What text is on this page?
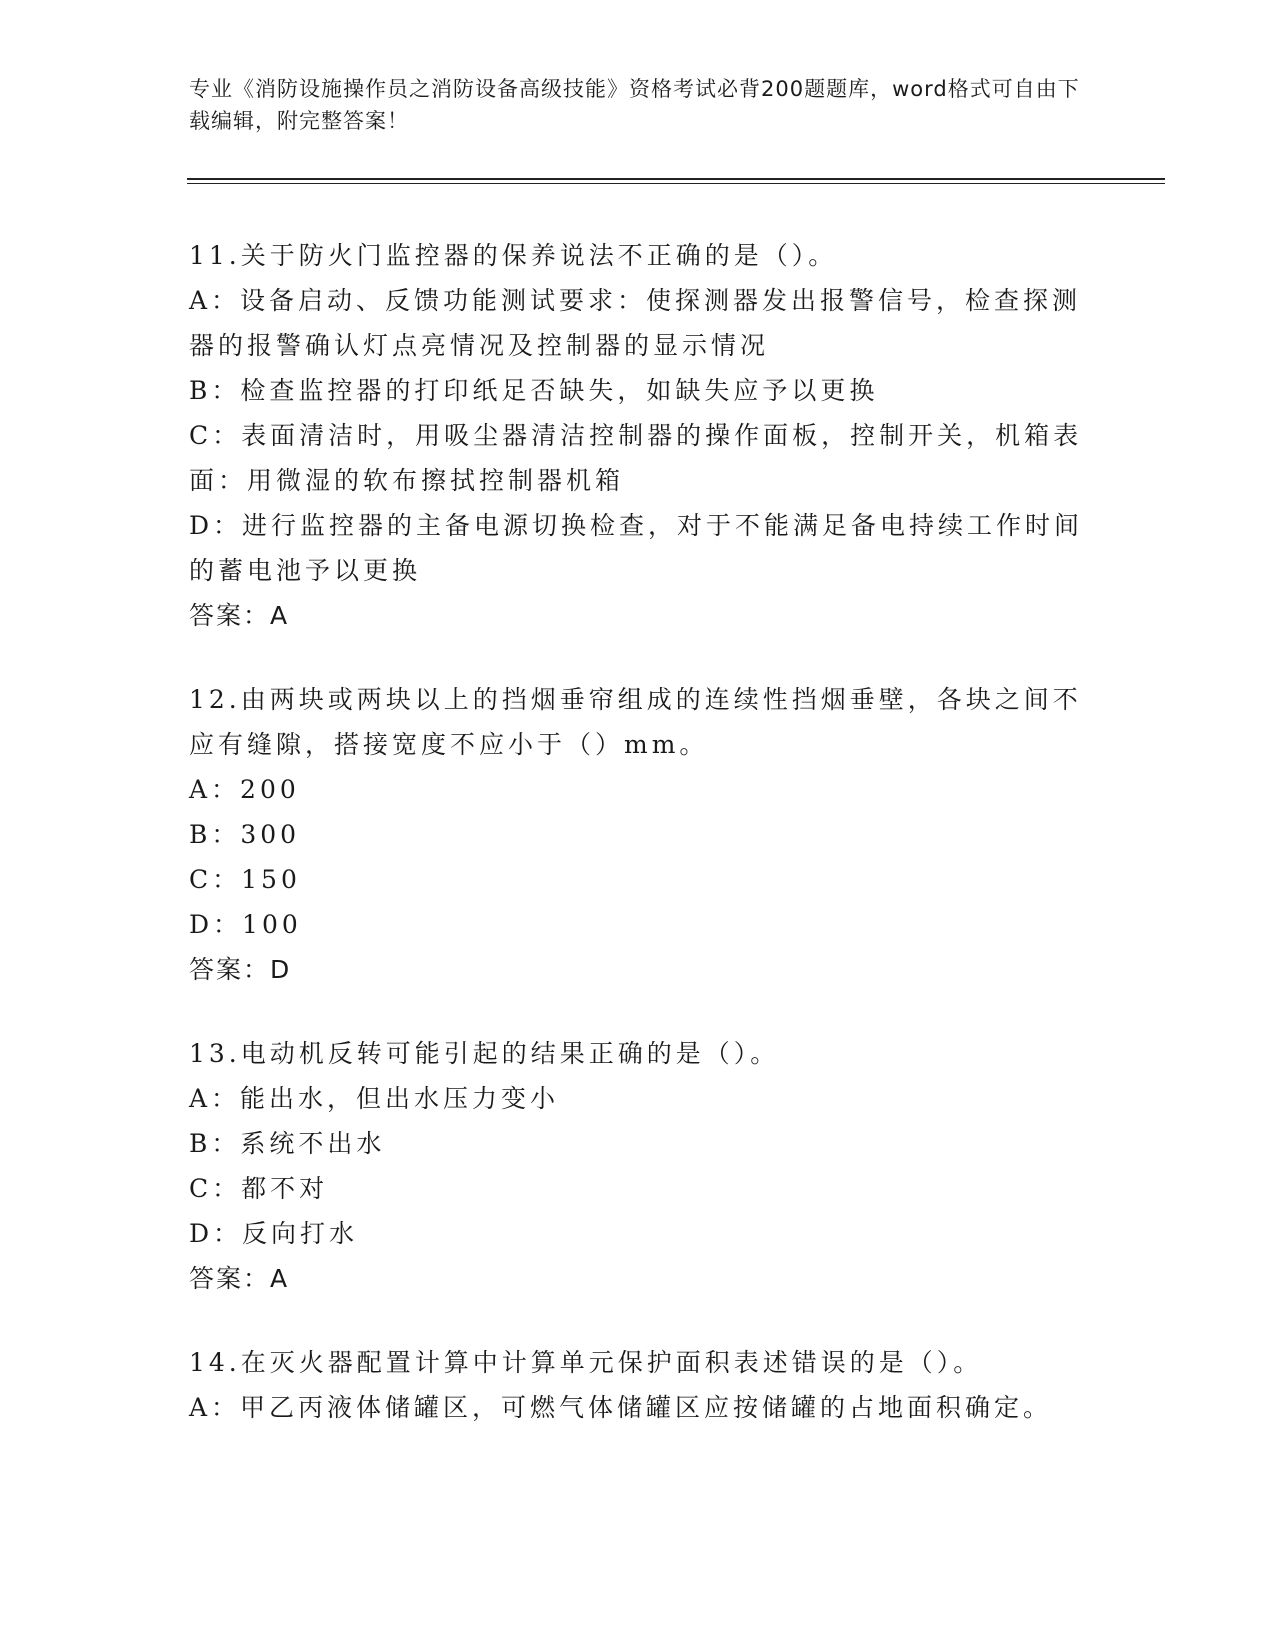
专业《消防设施操作员之消防设备高级技能》资格考试必背200题题库，word格式可自由下载编辑，附完整答案！
11.关于防火门监控器的保养说法不正确的是（）。
A：设备启动、反馈功能测试要求：使探测器发出报警信号，检查探测器的报警确认灯点亮情况及控制器的显示情况
B：检查监控器的打印纸足否缺失，如缺失应予以更换
C：表面清洁时，用吸尘器清洁控制器的操作面板，控制开关，机箱表面：用微湿的软布擦拭控制器机箱
D：进行监控器的主备电源切换检查，对于不能满足备电持续工作时间的蓄电池予以更换
答案：A
12.由两块或两块以上的挡烟垂帘组成的连续性挡烟垂壁，各块之间不应有缝隙，搭接宽度不应小于（）mm。
A：200
B：300
C：150
D：100
答案：D
13.电动机反转可能引起的结果正确的是（）。
A：能出水，但出水压力变小
B：系统不出水
C：都不对
D：反向打水
答案：A
14.在灭火器配置计算中计算单元保护面积表述错误的是（）。
A：甲乙丙液体储罐区，可燃气体储罐区应按储罐的占地面积确定。
